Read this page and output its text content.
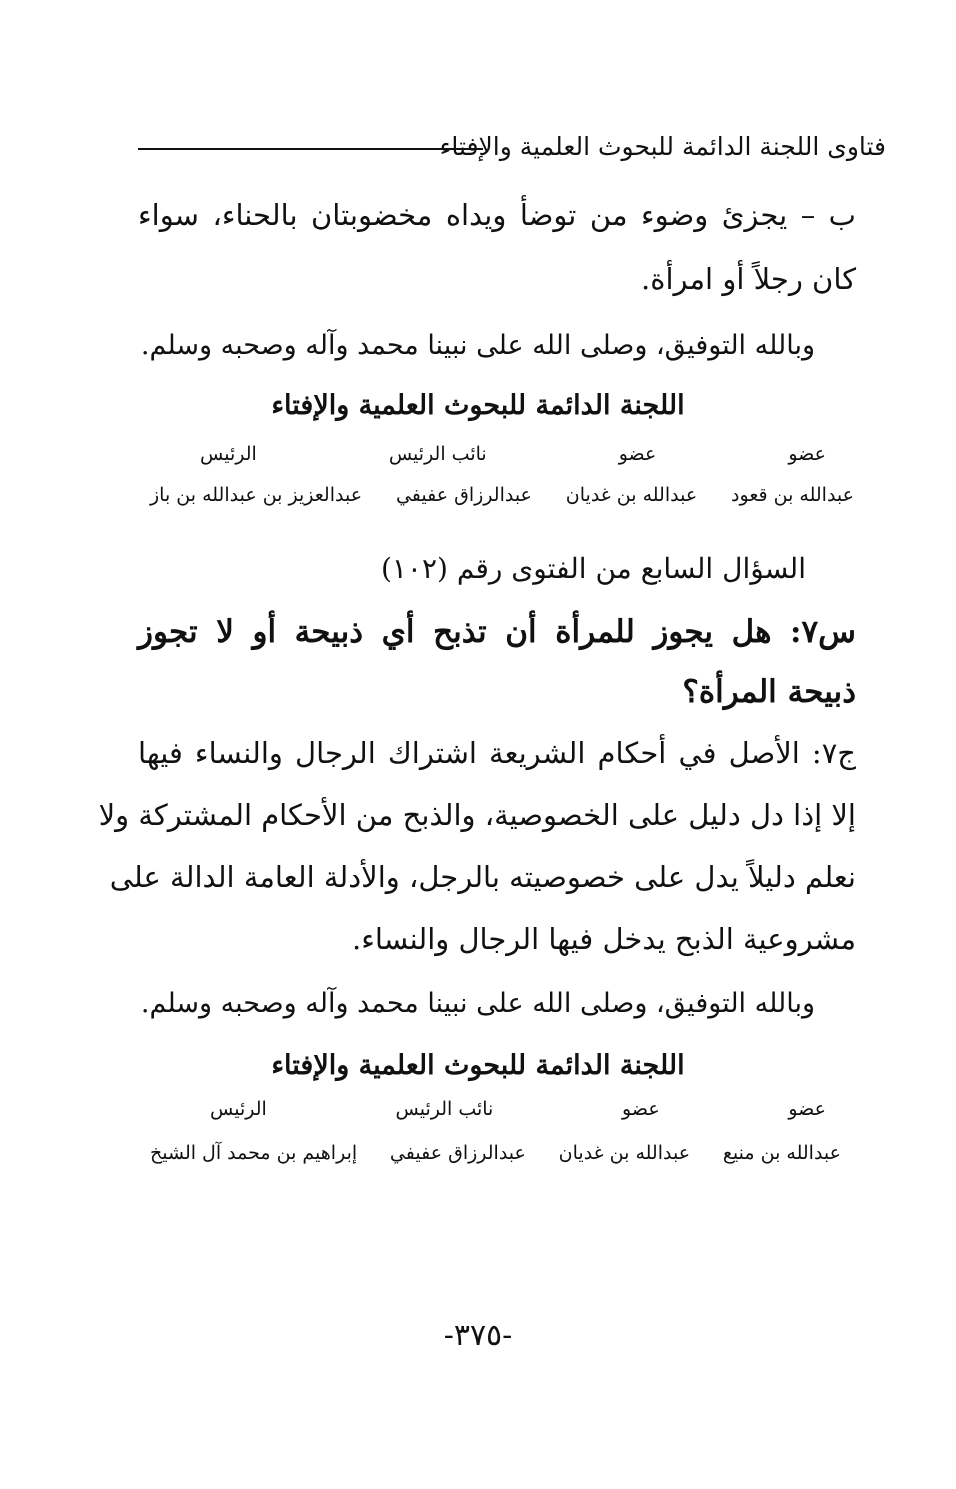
فتاوى اللجنة الدائمة للبحوث العلمية والإفتاء
ب – يجزئ وضوء من توضأ ويداه مخضوبتان بالحناء، سواء
كان رجلاً أو امرأة.
وبالله التوفيق، وصلى الله على نبينا محمد وآله وصحبه وسلم.
اللجنة الدائمة للبحوث العلمية والإفتاء
عضو
عضو
نائب الرئيس
الرئيس
عبدالله بن قعود
عبدالله بن غديان
عبدالرزاق عفيفي
عبدالعزيز بن عبدالله بن باز
السؤال السابع من الفتوى رقم (١٠٢)
س٧: هل يجوز للمرأة أن تذبح أي ذبيحة أو لا تجوز
ذبيحة المرأة؟
ج٧: الأصل في أحكام الشريعة اشتراك الرجال والنساء فيها
إلا إذا دل دليل على الخصوصية، والذبح من الأحكام المشتركة ولا
نعلم دليلاً يدل على خصوصيته بالرجل، والأدلة العامة الدالة على
مشروعية الذبح يدخل فيها الرجال والنساء.
وبالله التوفيق، وصلى الله على نبينا محمد وآله وصحبه وسلم.
اللجنة الدائمة للبحوث العلمية والإفتاء
عضو
عضو
نائب الرئيس
الرئيس
عبدالله بن منيع
عبدالله بن غديان
عبدالرزاق عفيفي
إبراهيم بن محمد آل الشيخ
-٣٧٥-
